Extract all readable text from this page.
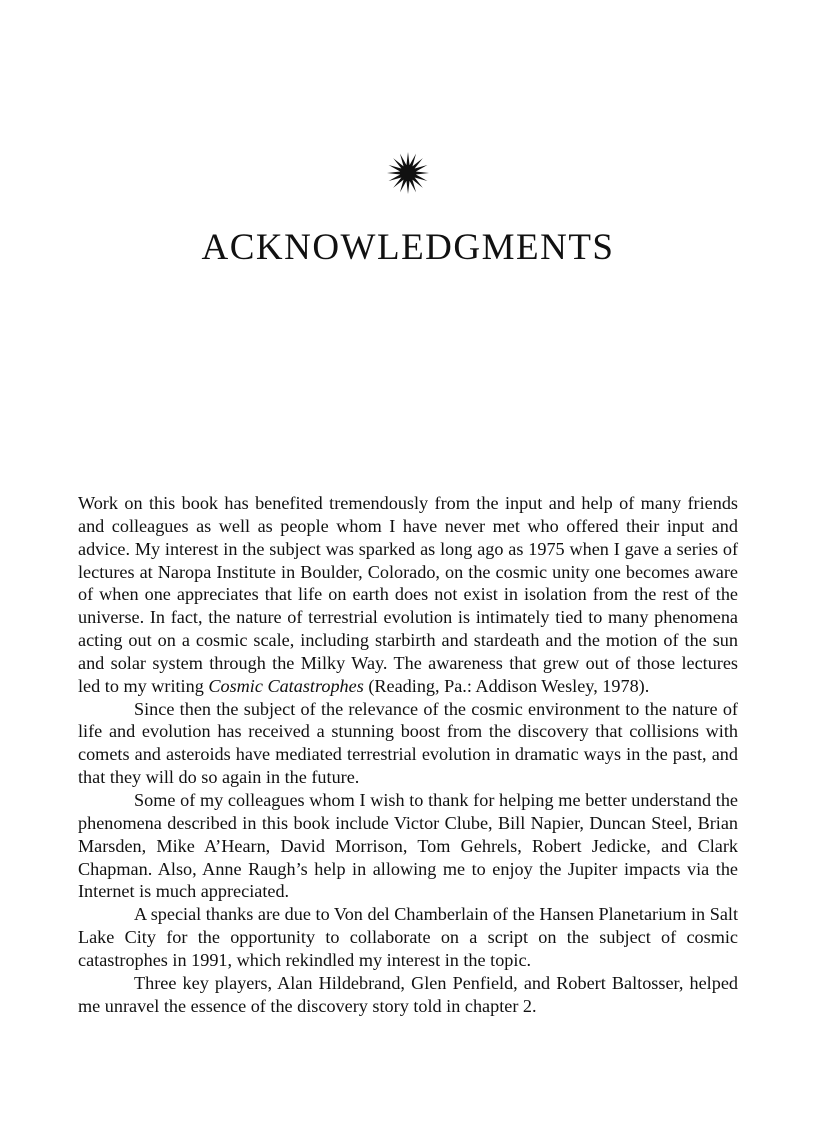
ACKNOWLEDGMENTS

Work on this book has benefited tremendously from the input and help of many friends and colleagues as well as people whom I have never met who offered their input and advice. My interest in the subject was sparked as long ago as 1975 when I gave a series of lectures at Naropa Institute in Boulder, Colorado, on the cosmic unity one becomes aware of when one appreciates that life on earth does not exist in isolation from the rest of the universe. In fact, the nature of terrestrial evolution is intimately tied to many phenomena acting out on a cosmic scale, including starbirth and stardeath and the motion of the sun and solar system through the Milky Way. The awareness that grew out of those lectures led to my writing Cosmic Catastrophes (Reading, Pa.: Addison Wesley, 1978).

Since then the subject of the relevance of the cosmic environment to the nature of life and evolution has received a stunning boost from the discovery that collisions with comets and asteroids have mediated terrestrial evolution in dramatic ways in the past, and that they will do so again in the future.

Some of my colleagues whom I wish to thank for helping me better understand the phenomena described in this book include Victor Clube, Bill Napier, Duncan Steel, Brian Marsden, Mike A’Hearn, David Morrison, Tom Gehrels, Robert Jedicke, and Clark Chapman. Also, Anne Raugh’s help in allowing me to enjoy the Jupiter impacts via the Internet is much appreciated.

A special thanks are due to Von del Chamberlain of the Hansen Planetarium in Salt Lake City for the opportunity to collaborate on a script on the subject of cosmic catastrophes in 1991, which rekindled my interest in the topic.

Three key players, Alan Hildebrand, Glen Penfield, and Robert Baltosser, helped me unravel the essence of the discovery story told in chapter 2.
